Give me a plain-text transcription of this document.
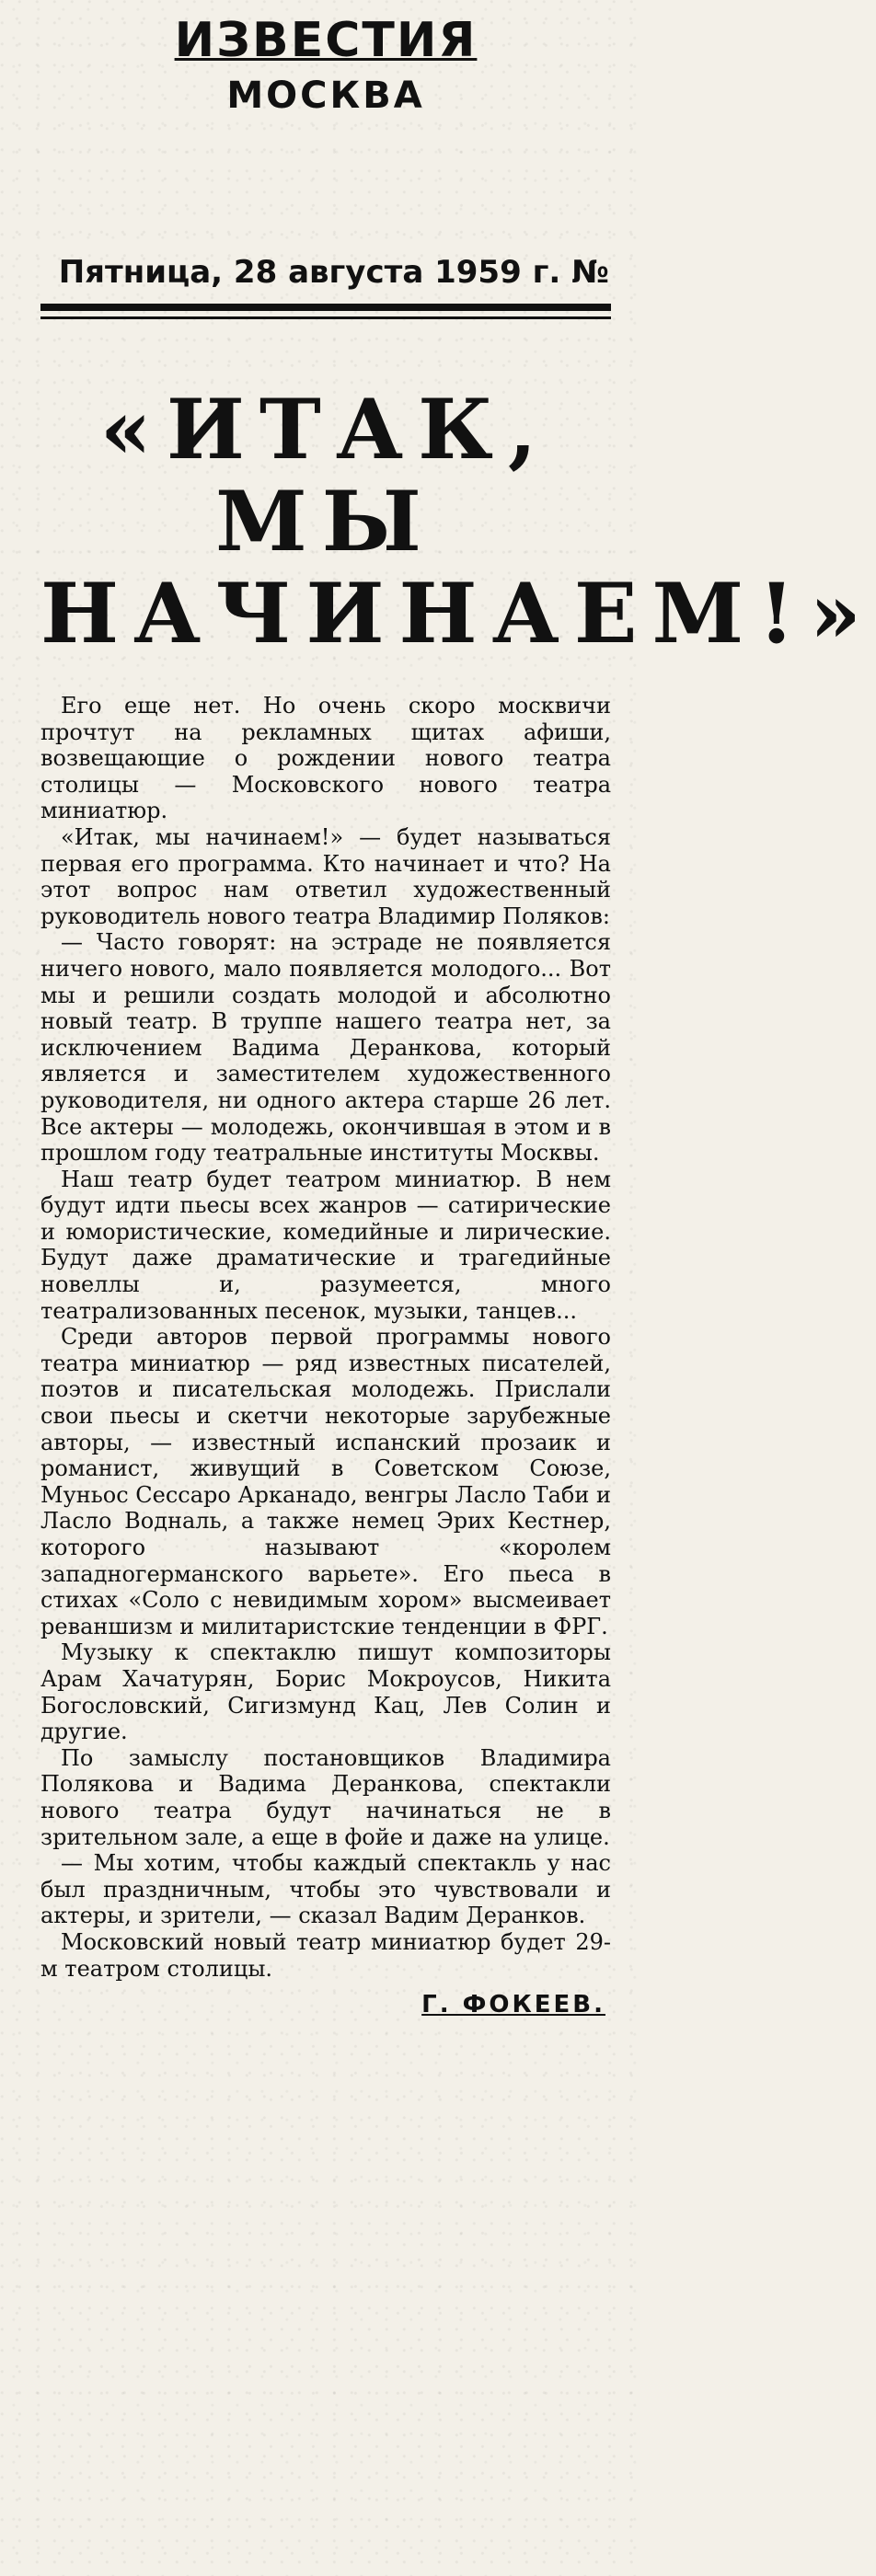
ИЗВЕСТИЯ
МОСКВА
Пятница, 28 августа 1959 г. №
«ИТАК, МЫ
НАЧИНАЕМ!»

Его еще нет. Но очень скоро москвичи прочтут на рекламных щитах афиши, возвещающие о рождении нового театра столицы — Московского нового театра миниатюр.

«Итак, мы начинаем!» — будет называться первая его программа. Кто начинает и что? На этот вопрос нам ответил художественный руководитель нового театра Владимир Поляков:

— Часто говорят: на эстраде не появляется ничего нового, мало появляется молодого... Вот мы и решили создать молодой и абсолютно новый театр. В труппе нашего театра нет, за исключением Вадима Деранкова, который является и заместителем художественного руководителя, ни одного актера старше 26 лет. Все актеры — молодежь, окончившая в этом и в прошлом году театральные институты Москвы.

Наш театр будет театром миниатюр. В нем будут идти пьесы всех жанров — сатирические и юмористические, комедийные и лирические. Будут даже драматические и трагедийные новеллы и, разумеется, много театрализованных песенок, музыки, танцев...

Среди авторов первой программы нового театра миниатюр — ряд известных писателей, поэтов и писательская молодежь. Прислали свои пьесы и скетчи некоторые зарубежные авторы, — известный испанский прозаик и романист, живущий в Советском Союзе, Муньос Сессаро Арканадо, венгры Ласло Таби и Ласло Водналь, а также немец Эрих Кестнер, которого называют «королем западногерманского варьете». Его пьеса в стихах «Соло с невидимым хором» высмеивает реваншизм и милитаристские тенденции в ФРГ.

Музыку к спектаклю пишут композиторы Арам Хачатурян, Борис Мокроусов, Никита Богословский, Сигизмунд Кац, Лев Солин и другие.

По замыслу постановщиков Владимира Полякова и Вадима Деранкова, спектакли нового театра будут начинаться не в зрительном зале, а еще в фойе и даже на улице.

— Мы хотим, чтобы каждый спектакль у нас был праздничным, чтобы это чувствовали и актеры, и зрители, — сказал Вадим Деранков.

Московский новый театр миниатюр будет 29-м театром столицы.

Г. ФОКЕЕВ.
